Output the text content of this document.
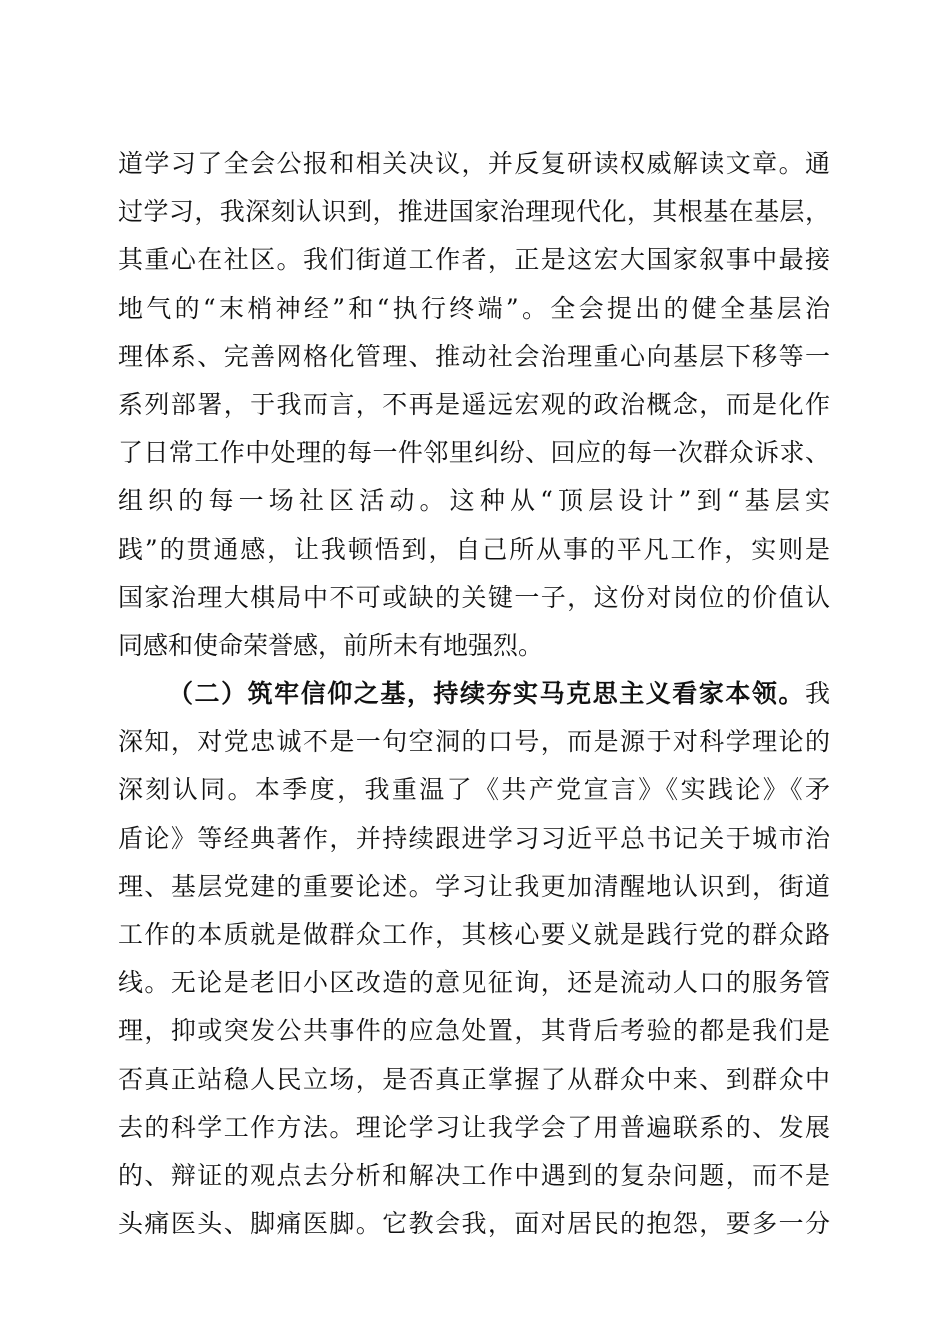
道学习了全会公报和相关决议，并反复研读权威解读文章。通
过学习，我深刻认识到，推进国家治理现代化，其根基在基层，
其重心在社区。我们街道工作者，正是这宏大国家叙事中最接
地气的“末梢神经”和“执行终端”。全会提出的健全基层治
理体系、完善网格化管理、推动社会治理重心向基层下移等一
系列部署，于我而言，不再是遥远宏观的政治概念，而是化作
了日常工作中处理的每一件邻里纠纷、回应的每一次群众诉求、
组织的每一场社区活动。这种从“顶层设计”到“基层实
践”的贯通感，让我顿悟到，自己所从事的平凡工作，实则是
国家治理大棋局中不可或缺的关键一子，这份对岗位的价值认
同感和使命荣誉感，前所未有地强烈。
（二）筑牢信仰之基，持续夯实马克思主义看家本领。我
深知，对党忠诚不是一句空洞的口号，而是源于对科学理论的
深刻认同。本季度，我重温了《共产党宣言》《实践论》《矛
盾论》等经典著作，并持续跟进学习习近平总书记关于城市治
理、基层党建的重要论述。学习让我更加清醒地认识到，街道
工作的本质就是做群众工作，其核心要义就是践行党的群众路
线。无论是老旧小区改造的意见征询，还是流动人口的服务管
理，抑或突发公共事件的应急处置，其背后考验的都是我们是
否真正站稳人民立场，是否真正掌握了从群众中来、到群众中
去的科学工作方法。理论学习让我学会了用普遍联系的、发展
的、辩证的观点去分析和解决工作中遇到的复杂问题，而不是
头痛医头、脚痛医脚。它教会我，面对居民的抱怨，要多一分
